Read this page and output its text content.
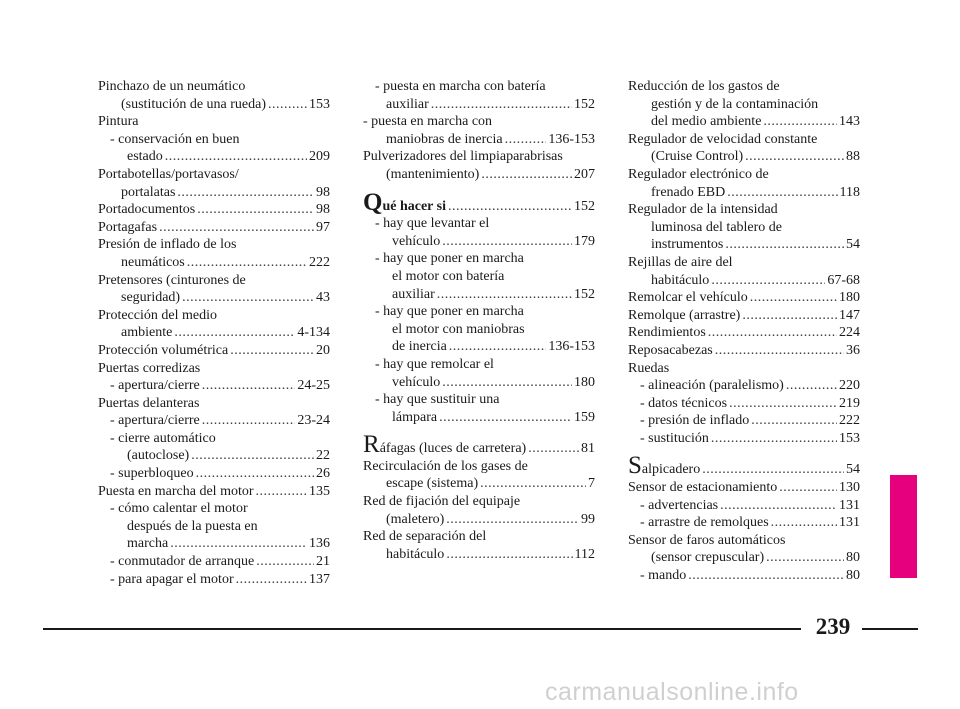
Pinchazo de un neumático
(sustitución de una rueda) .....	153
Pintura
- conservación en buen
estado .....	209
Portabotellas/portavasos/
portalatas .....	98
Portadocumentos .....	98
Portagafas .....	97
Presión de inflado de los
neumáticos .....	222
Pretensores (cinturones de
seguridad) .....	43
Protección del medio
ambiente .....	4-134
Protección volumétrica .....	20
Puertas corredizas
- apertura/cierre .....	24-25
Puertas delanteras
- apertura/cierre .....	23-24
- cierre automático
(autoclose) .....	22
- superbloqueo .....	26
Puesta en marcha del motor .....	135
- cómo calentar el motor
después de la puesta en
marcha .....	136
- conmutador de arranque .....	21
- para apagar el motor .....	137
- puesta en marcha con batería
auxiliar .....	152
- puesta en marcha con
maniobras de inercia .....	136-153
Pulverizadores del limpiaparabrisas
(mantenimiento) .....	207
Qué hacer si .....	152
- hay que levantar el
vehículo .....	179
- hay que poner en marcha
el motor con batería
auxiliar .....	152
- hay que poner en marcha
el motor con maniobras
de inercia .....	136-153
- hay que remolcar el
vehículo .....	180
- hay que sustituir una
lámpara .....	159
Ráfagas (luces de carretera) .....	81
Recirculación de los gases de
escape (sistema) .....	7
Red de fijación del equipaje
(maletero) .....	99
Red de separación del
habitáculo .....	112
Reducción de los gastos de
gestión y de la contaminación
del medio ambiente .....	143
Regulador de velocidad constante
(Cruise Control) .....	88
Regulador electrónico de
frenado EBD .....	118
Regulador de la intensidad
luminosa del tablero de
instrumentos .....	54
Rejillas de aire del
habitáculo .....	67-68
Remolcar el vehículo .....	180
Remolque (arrastre) .....	147
Rendimientos .....	224
Reposacabezas .....	36
Ruedas
- alineación (paralelismo) .....	220
- datos técnicos .....	219
- presión de inflado .....	222
- sustitución .....	153
Salpicadero .....	54
Sensor de estacionamiento .....	130
- advertencias .....	131
- arrastre de remolques .....	131
Sensor de faros automáticos
(sensor crepuscular) .....	80
- mando .....	80
239
carmanualsonline.info
